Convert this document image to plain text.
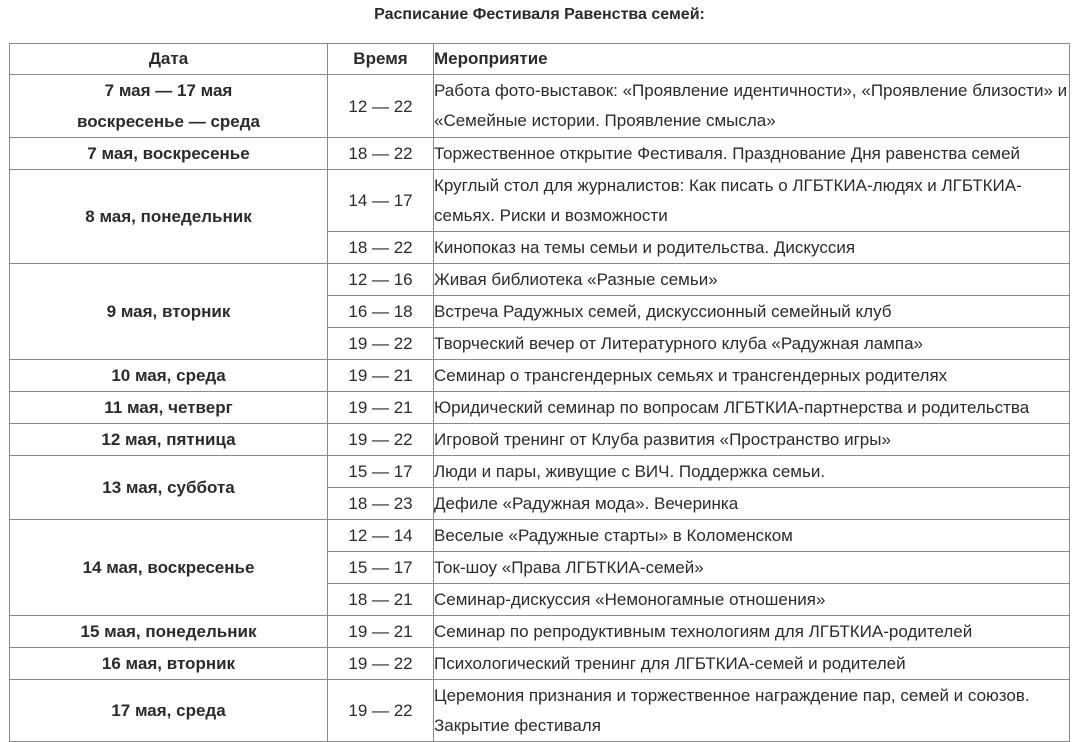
Расписание Фестиваля Равенства семей:
Дата	Время	Мероприятие

7 мая — 17 мая
воскресенье — среда	12 — 22	Работа фото-выставок: «Проявление идентичности», «Проявление близости» и «Семейные истории. Проявление смысла»

7 мая, воскресенье	18 — 22	Торжественное открытие Фестиваля. Празднование Дня равенства семей

8 мая, понедельник	14 — 17	Круглый стол для журналистов: Как писать о ЛГБТКИА-людях и ЛГБТКИА-семьях. Риски и возможности
	18 — 22	Кинопоказ на темы семьи и родительства. Дискуссия

9 мая, вторник	12 — 16	Живая библиотека «Разные семьи»
	16 — 18	Встреча Радужных семей, дискуссионный семейный клуб
	19 — 22	Творческий вечер от Литературного клуба «Радужная лампа»

10 мая, среда	19 — 21	Семинар о трансгендерных семьях и трансгендерных родителях

11 мая, четверг	19 — 21	Юридический семинар по вопросам ЛГБТКИА-партнерства и родительства

12 мая, пятница	19 — 22	Игровой тренинг от Клуба развития «Пространство игры»

13 мая, суббота	15 — 17	Люди и пары, живущие с ВИЧ. Поддержка семьи.
	18 — 23	Дефиле «Радужная мода». Вечеринка

14 мая, воскресенье	12 — 14	Веселые «Радужные старты» в Коломенском
	15 — 17	Ток-шоу «Права ЛГБТКИА-семей»
	18 — 21	Семинар-дискуссия «Немоногамные отношения»

15 мая, понедельник	19 — 21	Семинар по репродуктивным технологиям для ЛГБТКИА-родителей

16 мая, вторник	19 — 22	Психологический тренинг для ЛГБТКИА-семей и родителей

17 мая, среда	19 — 22	Церемония признания и торжественное награждение пар, семей и союзов. Закрытие фестиваля
